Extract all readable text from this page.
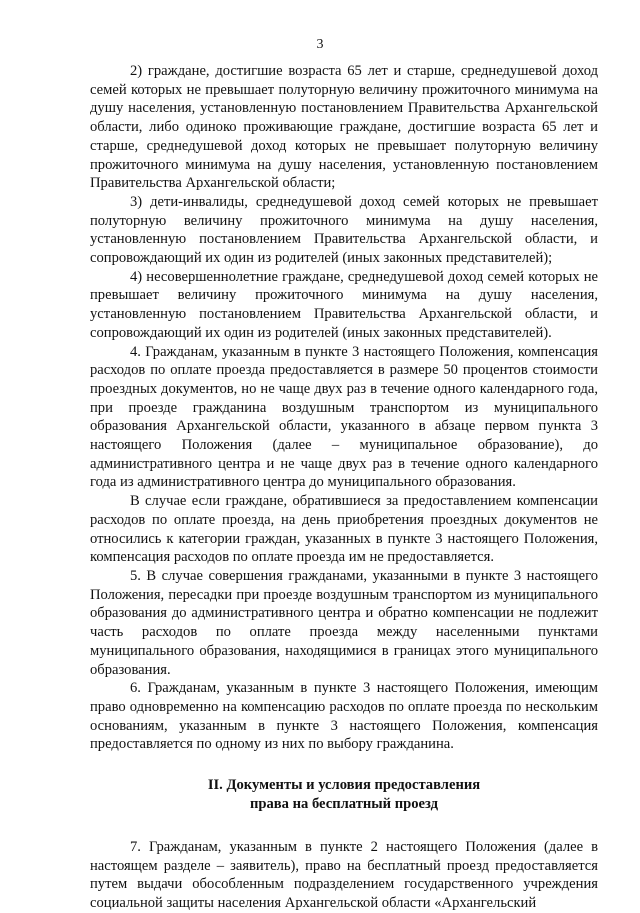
3

2) граждане, достигшие возраста 65 лет и старше, среднедушевой доход семей которых не превышает полуторную величину прожиточного минимума на душу населения, установленную постановлением Правительства Архангельской области, либо одиноко проживающие граждане, достигшие возраста 65 лет и старше, среднедушевой доход которых не превышает полуторную величину прожиточного минимума на душу населения, установленную постановлением Правительства Архангельской области;

3) дети-инвалиды, среднедушевой доход семей которых не превышает полуторную величину прожиточного минимума на душу населения, установленную постановлением Правительства Архангельской области, и сопровождающий их один из родителей (иных законных представителей);

4) несовершеннолетние граждане, среднедушевой доход семей которых не превышает величину прожиточного минимума на душу населения, установленную постановлением Правительства Архангельской области, и сопровождающий их один из родителей (иных законных представителей).

4. Гражданам, указанным в пункте 3 настоящего Положения, компенсация расходов по оплате проезда предоставляется в размере 50 процентов стоимости проездных документов, но не чаще двух раз в течение одного календарного года, при проезде гражданина воздушным транспортом из муниципального образования Архангельской области, указанного в абзаце первом пункта 3 настоящего Положения (далее – муниципальное образование), до административного центра и не чаще двух раз в течение одного календарного года из административного центра до муниципального образования.

В случае если граждане, обратившиеся за предоставлением компенсации расходов по оплате проезда, на день приобретения проездных документов не относились к категории граждан, указанных в пункте 3 настоящего Положения, компенсация расходов по оплате проезда им не предоставляется.

5. В случае совершения гражданами, указанными в пункте 3 настоящего Положения, пересадки при проезде воздушным транспортом из муниципального образования до административного центра и обратно компенсации не подлежит часть расходов по оплате проезда между населенными пунктами муниципального образования, находящимися в границах этого муниципального образования.

6. Гражданам, указанным в пункте 3 настоящего Положения, имеющим право одновременно на компенсацию расходов по оплате проезда по нескольким основаниям, указанным в пункте 3 настоящего Положения, компенсация предоставляется по одному из них по выбору гражданина.

II. Документы и условия предоставления
права на бесплатный проезд

7. Гражданам, указанным в пункте 2 настоящего Положения (далее в настоящем разделе – заявитель), право на бесплатный проезд предоставляется путем выдачи обособленным подразделением государственного учреждения социальной защиты населения Архангельской области «Архангельский
